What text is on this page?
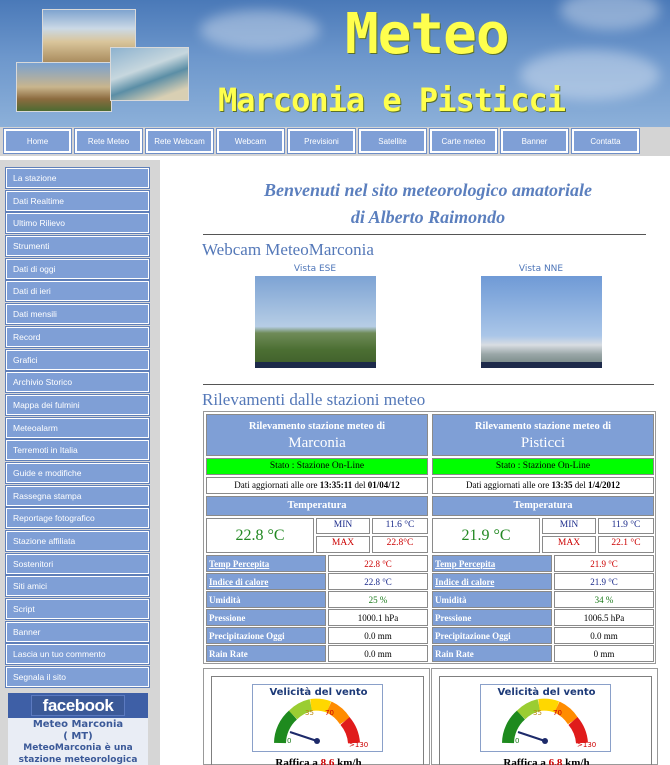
Meteo
Marconia e Pisticci
Home	Rete Meteo	Rete Webcam	Webcam	Previsioni	Satellite	Carte meteo	Banner	Contatta
La stazione
Dati Realtime
Ultimo Rilievo
Strumenti
Dati di oggi
Dati di ieri
Dati mensili
Record
Grafici
Archivio Storico
Mappa dei fulmini
Meteoalarm
Terremoti in Italia
Guide e modifiche
Rassegna stampa
Reportage fotografico
Stazione affiliata
Sostenitori
Siti amici
Script
Banner
Lascia un tuo commento
Segnala il sito
facebook
Meteo Marconia
( MT)
MeteoMarconia è una
stazione meteorologica
Benvenuti nel sito meteorologico amatoriale
di Alberto Raimondo
Webcam MeteoMarconia
Vista ESE	Vista NNE
Rilevamenti dalle stazioni meteo
Rilevamento stazione meteo di
Marconia
Stato : Stazione On-Line
Dati aggiornati alle ore 13:35:11 del 01/04/12
Temperatura
22.8 °C
MIN	11.6 °C
MAX	22.8°C
Temp Percepita	22.8 °C
Indice di calore	22.8 °C
Umidità	25 %
Pressione	1000.1 hPa
Precipitazione Oggi	0.0 mm
Rain Rate	0.0 mm
Rilevamento stazione meteo di
Pisticci
Stato : Stazione On-Line
Dati aggiornati alle ore 13:35 del 1/4/2012
Temperatura
21.9 °C
MIN	11.9 °C
MAX	22.1 °C
Temp Percepita	21.9 °C
Indice di calore	21.9 °C
Umidità	34 %
Pressione	1006.5 hPa
Precipitazione Oggi	0.0 mm
Rain Rate	0 mm
Velicità del vento
0
35 70
>130
Raffica a 8.6 km/h
Velicità del vento
0
35 70
>130
Raffica a 6.8 km/h
